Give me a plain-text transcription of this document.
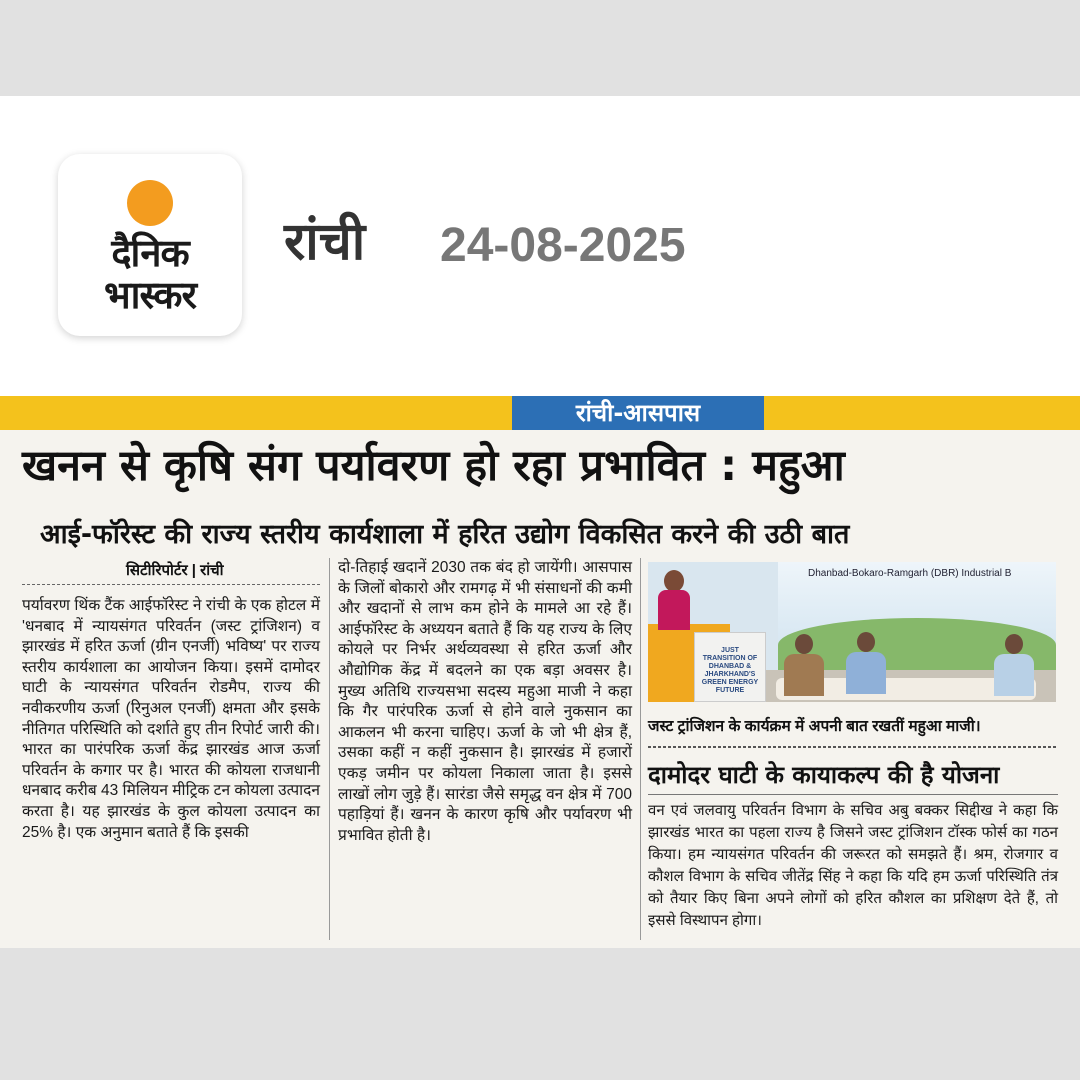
दैनिक
भास्कर
रांची 24-08-2025
रांची-आसपास
खनन से कृषि संग पर्यावरण हो रहा प्रभावित : महुआ
आई-फॉरेस्ट की राज्य स्तरीय कार्यशाला में हरित उद्योग विकसित करने की उठी बात
सिटीरिपोर्टर | रांची
पर्यावरण थिंक टैंक आईफॉरेस्ट ने रांची के एक होटल में 'धनबाद में न्यायसंगत परिवर्तन (जस्ट ट्रांजिशन) व झारखंड में हरित ऊर्जा (ग्रीन एनर्जी) भविष्य' पर राज्य स्तरीय कार्यशाला का आयोजन किया। इसमें दामोदर घाटी के न्यायसंगत परिवर्तन रोडमैप, राज्य की नवीकरणीय ऊर्जा (रिनुअल एनर्जी) क्षमता और इसके नीतिगत परिस्थिति को दर्शाते हुए तीन रिपोर्ट जारी की। भारत का पारंपरिक ऊर्जा केंद्र झारखंड आज ऊर्जा परिवर्तन के कगार पर है। भारत की कोयला राजधानी धनबाद करीब 43 मिलियन मीट्रिक टन कोयला उत्पादन करता है। यह झारखंड के कुल कोयला उत्पादन का 25% है। एक अनुमान बताते हैं कि इसकी
दो-तिहाई खदानें 2030 तक बंद हो जायेंगी। आसपास के जिलों बोकारो और रामगढ़ में भी संसाधनों की कमी और खदानों से लाभ कम होने के मामले आ रहे हैं। आईफॉरेस्ट के अध्ययन बताते हैं कि यह राज्य के लिए कोयले पर निर्भर अर्थव्यवस्था से हरित ऊर्जा और औद्योगिक केंद्र में बदलने का एक बड़ा अवसर है। मुख्य अतिथि राज्यसभा सदस्य महुआ माजी ने कहा कि गैर पारंपरिक ऊर्जा से होने वाले नुकसान का आकलन भी करना चाहिए। ऊर्जा के जो भी क्षेत्र हैं, उसका कहीं न कहीं नुकसान है। झारखंड में हजारों एकड़ जमीन पर कोयला निकाला जाता है। इससे लाखों लोग जुड़े हैं। सारंडा जैसे समृद्ध वन क्षेत्र में 700 पहाड़ियां हैं। खनन के कारण कृषि और पर्यावरण भी प्रभावित होती है।
Dhanbad-Bokaro-Ramgarh (DBR) Industrial B
JUST TRANSITION OF DHANBAD & JHARKHAND'S GREEN ENERGY FUTURE
जस्ट ट्रांजिशन के कार्यक्रम में अपनी बात रखतीं महुआ माजी।
दामोदर घाटी के कायाकल्प की है योजना
वन एवं जलवायु परिवर्तन विभाग के सचिव अबु बक्कर सिद्दीख ने कहा कि झारखंड भारत का पहला राज्य है जिसने जस्ट ट्रांजिशन टॉस्क फोर्स का गठन किया। हम न्यायसंगत परिवर्तन की जरूरत को समझते हैं। श्रम, रोजगार व कौशल विभाग के सचिव जीतेंद्र सिंह ने कहा कि यदि हम ऊर्जा परिस्थिति तंत्र को तैयार किए बिना अपने लोगों को हरित कौशल का प्रशिक्षण देते हैं, तो इससे विस्थापन होगा।
